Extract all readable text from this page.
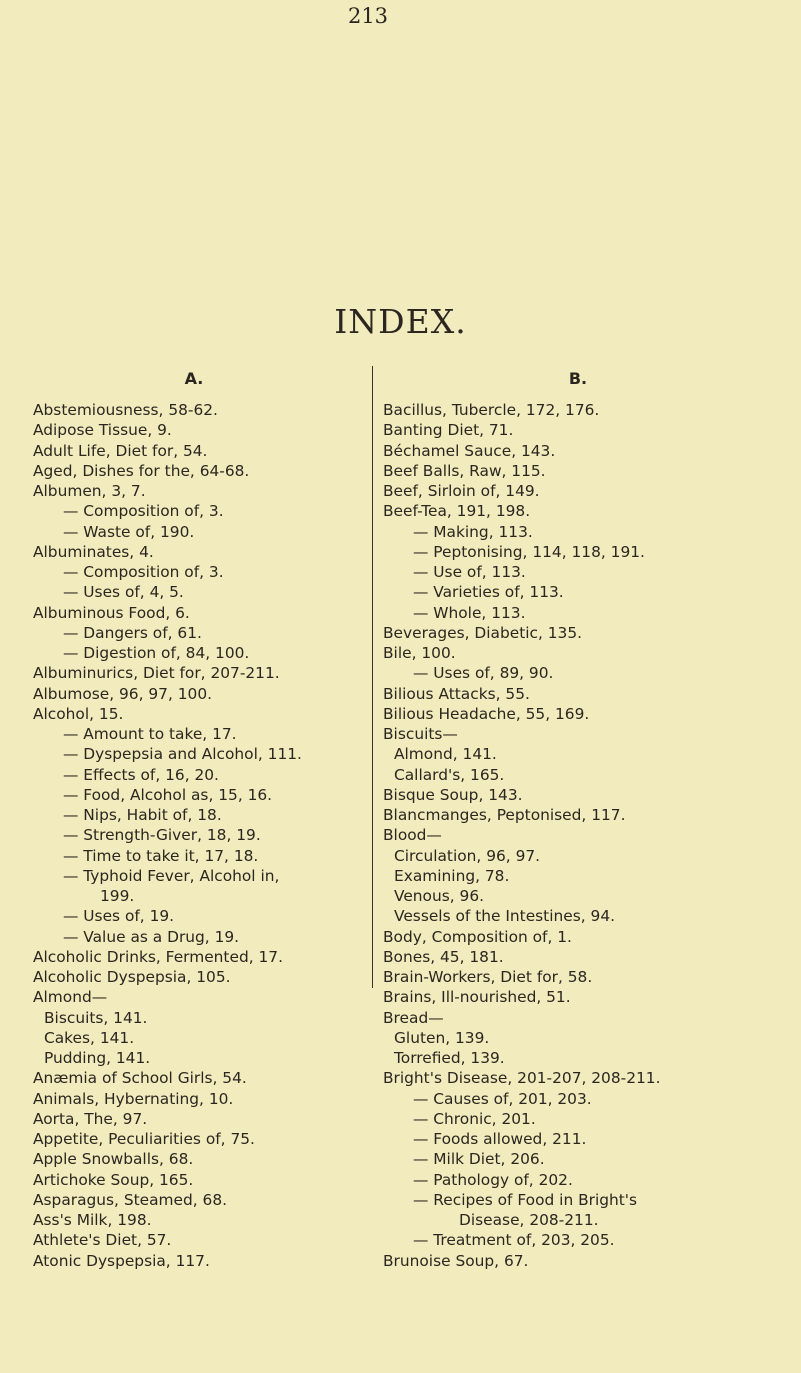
213
INDEX.
A.
Abstemiousness, 58-62.
Adipose Tissue, 9.
Adult Life, Diet for, 54.
Aged, Dishes for the, 64-68.
Albumen, 3, 7.
— Composition of, 3.
— Waste of, 190.
Albuminates, 4.
— Composition of, 3.
— Uses of, 4, 5.
Albuminous Food, 6.
— Dangers of, 61.
— Digestion of, 84, 100.
Albuminurics, Diet for, 207-211.
Albumose, 96, 97, 100.
Alcohol, 15.
— Amount to take, 17.
— Dyspepsia and Alcohol, 111.
— Effects of, 16, 20.
— Food, Alcohol as, 15, 16.
— Nips, Habit of, 18.
— Strength-Giver, 18, 19.
— Time to take it, 17, 18.
— Typhoid Fever, Alcohol in,
199.
— Uses of, 19.
— Value as a Drug, 19.
Alcoholic Drinks, Fermented, 17.
Alcoholic Dyspepsia, 105.
Almond—
Biscuits, 141.
Cakes, 141.
Pudding, 141.
Anæmia of School Girls, 54.
Animals, Hybernating, 10.
Aorta, The, 97.
Appetite, Peculiarities of, 75.
Apple Snowballs, 68.
Artichoke Soup, 165.
Asparagus, Steamed, 68.
Ass's Milk, 198.
Athlete's Diet, 57.
Atonic Dyspepsia, 117.
B.
Bacillus, Tubercle, 172, 176.
Banting Diet, 71.
Béchamel Sauce, 143.
Beef Balls, Raw, 115.
Beef, Sirloin of, 149.
Beef-Tea, 191, 198.
— Making, 113.
— Peptonising, 114, 118, 191.
— Use of, 113.
— Varieties of, 113.
— Whole, 113.
Beverages, Diabetic, 135.
Bile, 100.
— Uses of, 89, 90.
Bilious Attacks, 55.
Bilious Headache, 55, 169.
Biscuits—
Almond, 141.
Callard's, 165.
Bisque Soup, 143.
Blancmanges, Peptonised, 117.
Blood—
Circulation, 96, 97.
Examining, 78.
Venous, 96.
Vessels of the Intestines, 94.
Body, Composition of, 1.
Bones, 45, 181.
Brain-Workers, Diet for, 58.
Brains, Ill-nourished, 51.
Bread—
Gluten, 139.
Torrefied, 139.
Bright's Disease, 201-207, 208-211.
— Causes of, 201, 203.
— Chronic, 201.
— Foods allowed, 211.
— Milk Diet, 206.
— Pathology of, 202.
— Recipes of Food in Bright's
Disease, 208-211.
— Treatment of, 203, 205.
Brunoise Soup, 67.
